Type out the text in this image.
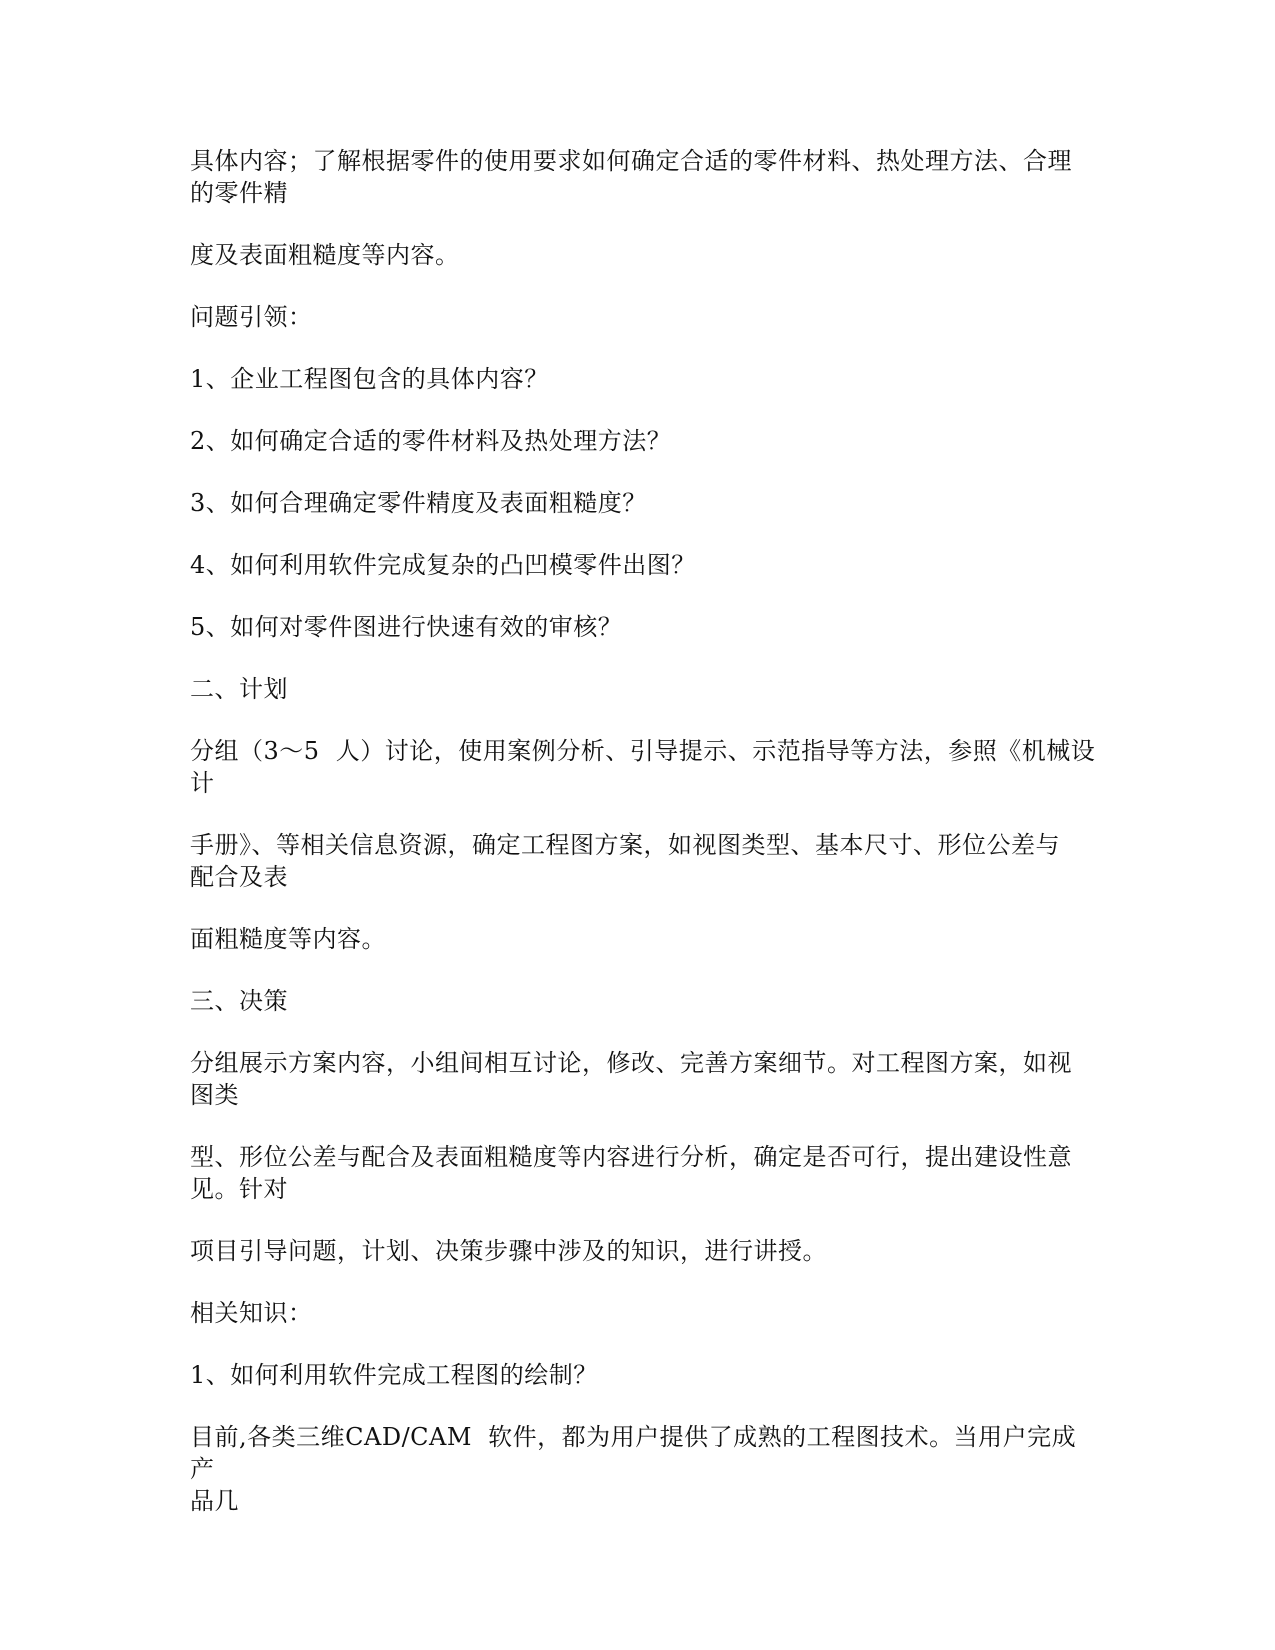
具体内容；了解根据零件的使用要求如何确定合适的零件材料、热处理方法、合理
的零件精

度及表面粗糙度等内容。

问题引领：

1、企业工程图包含的具体内容？

2、如何确定合适的零件材料及热处理方法？

3、如何合理确定零件精度及表面粗糙度？

4、如何利用软件完成复杂的凸凹模零件出图？

5、如何对零件图进行快速有效的审核？

二、计划

分组（3～5  人）讨论，使用案例分析、引导提示、示范指导等方法，参照《机械设
计

手册》、等相关信息资源，确定工程图方案，如视图类型、基本尺寸、形位公差与
配合及表

面粗糙度等内容。

三、决策

分组展示方案内容，小组间相互讨论，修改、完善方案细节。对工程图方案，如视
图类

型、形位公差与配合及表面粗糙度等内容进行分析，确定是否可行，提出建设性意
见。针对

项目引导问题，计划、决策步骤中涉及的知识，进行讲授。

相关知识：

1、如何利用软件完成工程图的绘制？

目前,各类三维CAD/CAM  软件，都为用户提供了成熟的工程图技术。当用户完成产
品几
